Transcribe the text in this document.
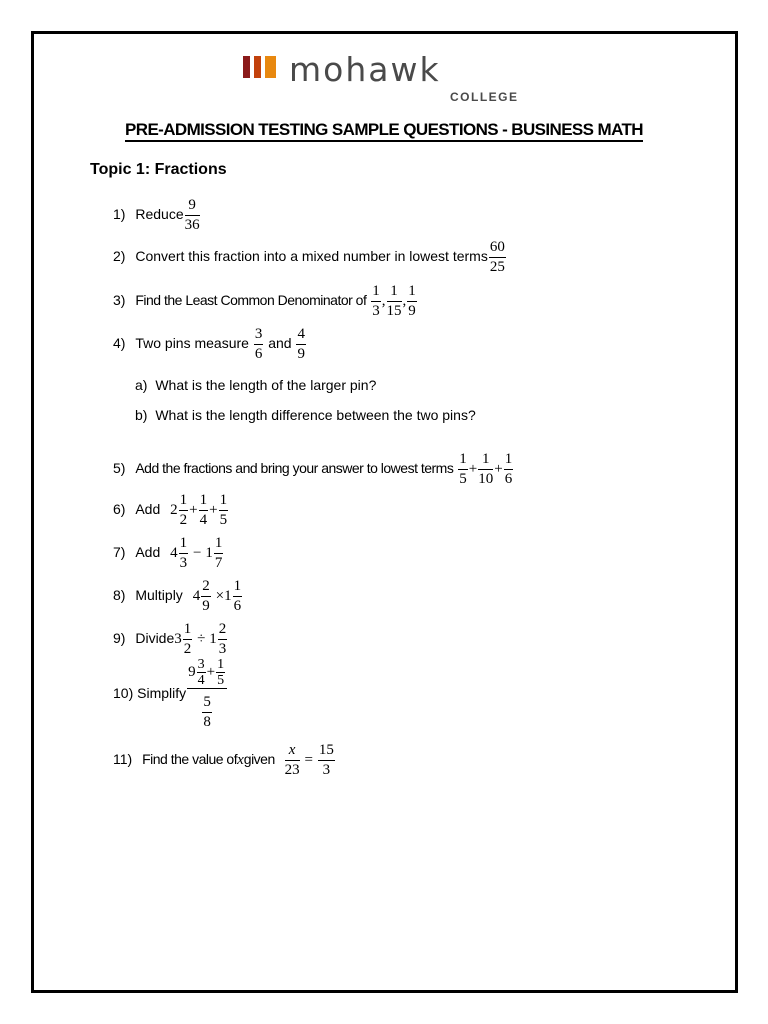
mohawk
COLLEGE
PRE-ADMISSION TESTING SAMPLE QUESTIONS - BUSINESS MATH
Topic 1: Fractions
1) Reduce $\frac{9}{36}$
2) Convert this fraction into a mixed number in lowest terms $\frac{60}{25}$
3) Find the Least Common Denominator of $\frac{1}{3}$ , $\frac{1}{15}$ , $\frac{1}{9}$
4) Two pins measure $\frac{3}{6}$ and $\frac{4}{9}$
a) What is the length of the larger pin?
b) What is the length difference between the two pins?
5) Add the fractions and bring your answer to lowest terms $\frac{1}{5} + \frac{1}{10} + \frac{1}{6}$
6) Add $2 \frac{1}{2} + \frac{1}{4} + \frac{1}{5}$
7) Add $4 \frac{1}{3} - 1 \frac{1}{7}$
8) Multiply $4 \frac{2}{9} \times 1 \frac{1}{6}$
9) Divide3 $\frac{1}{2} \div 1 \frac{2}{3}$
10) Simplify $\frac{9 \frac{3}{4} + \frac{1}{5}}{\frac{5}{8}}$
11) Find the value ofxgiven $\frac{x}{23} = \frac{15}{3}$
